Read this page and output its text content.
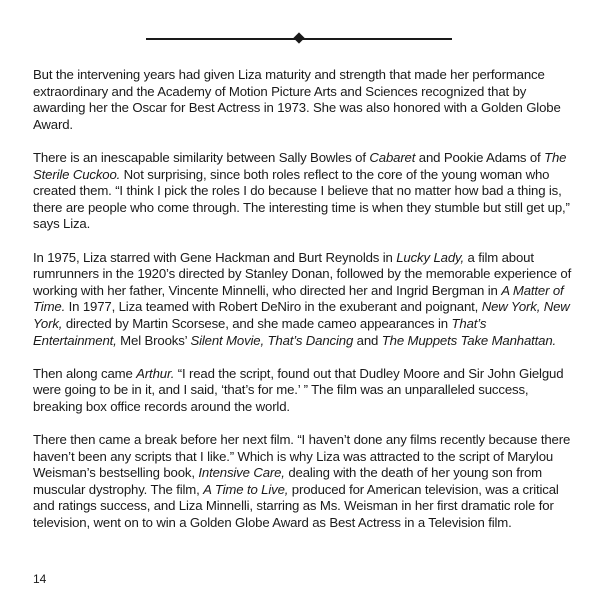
But the intervening years had given Liza maturity and strength that made her performance extraordinary and the Academy of Motion Picture Arts and Sciences recognized that by awarding her the Oscar for Best Actress in 1973. She was also honored with a Golden Globe Award.

There is an inescapable similarity between Sally Bowles of Cabaret and Pookie Adams of The Sterile Cuckoo. Not surprising, since both roles reflect to the core of the young woman who created them. “I think I pick the roles I do because I believe that no matter how bad a thing is, there are people who come through. The interesting time is when they stumble but still get up,” says Liza.

In 1975, Liza starred with Gene Hackman and Burt Reynolds in Lucky Lady, a film about rumrunners in the 1920’s directed by Stanley Donan, followed by the memorable experience of working with her father, Vincente Minnelli, who directed her and Ingrid Bergman in A Matter of Time. In 1977, Liza teamed with Robert DeNiro in the exuberant and poignant, New York, New York, directed by Martin Scorsese, and she made cameo appearances in That’s Entertainment, Mel Brooks’ Silent Movie, That’s Dancing and The Muppets Take Manhattan.

Then along came Arthur. “I read the script, found out that Dudley Moore and Sir John Gielgud were going to be in it, and I said, ‘that’s for me.’ ” The film was an unparalleled success, breaking box office records around the world.

There then came a break before her next film. “I haven’t done any films recently because there haven’t been any scripts that I like.” Which is why Liza was attracted to the script of Marylou Weisman’s bestselling book, Intensive Care, dealing with the death of her young son from muscular dystrophy. The film, A Time to Live, produced for American television, was a critical and ratings success, and Liza Minnelli, starring as Ms. Weisman in her first dramatic role for television, went on to win a Golden Globe Award as Best Actress in a Television film.

14
